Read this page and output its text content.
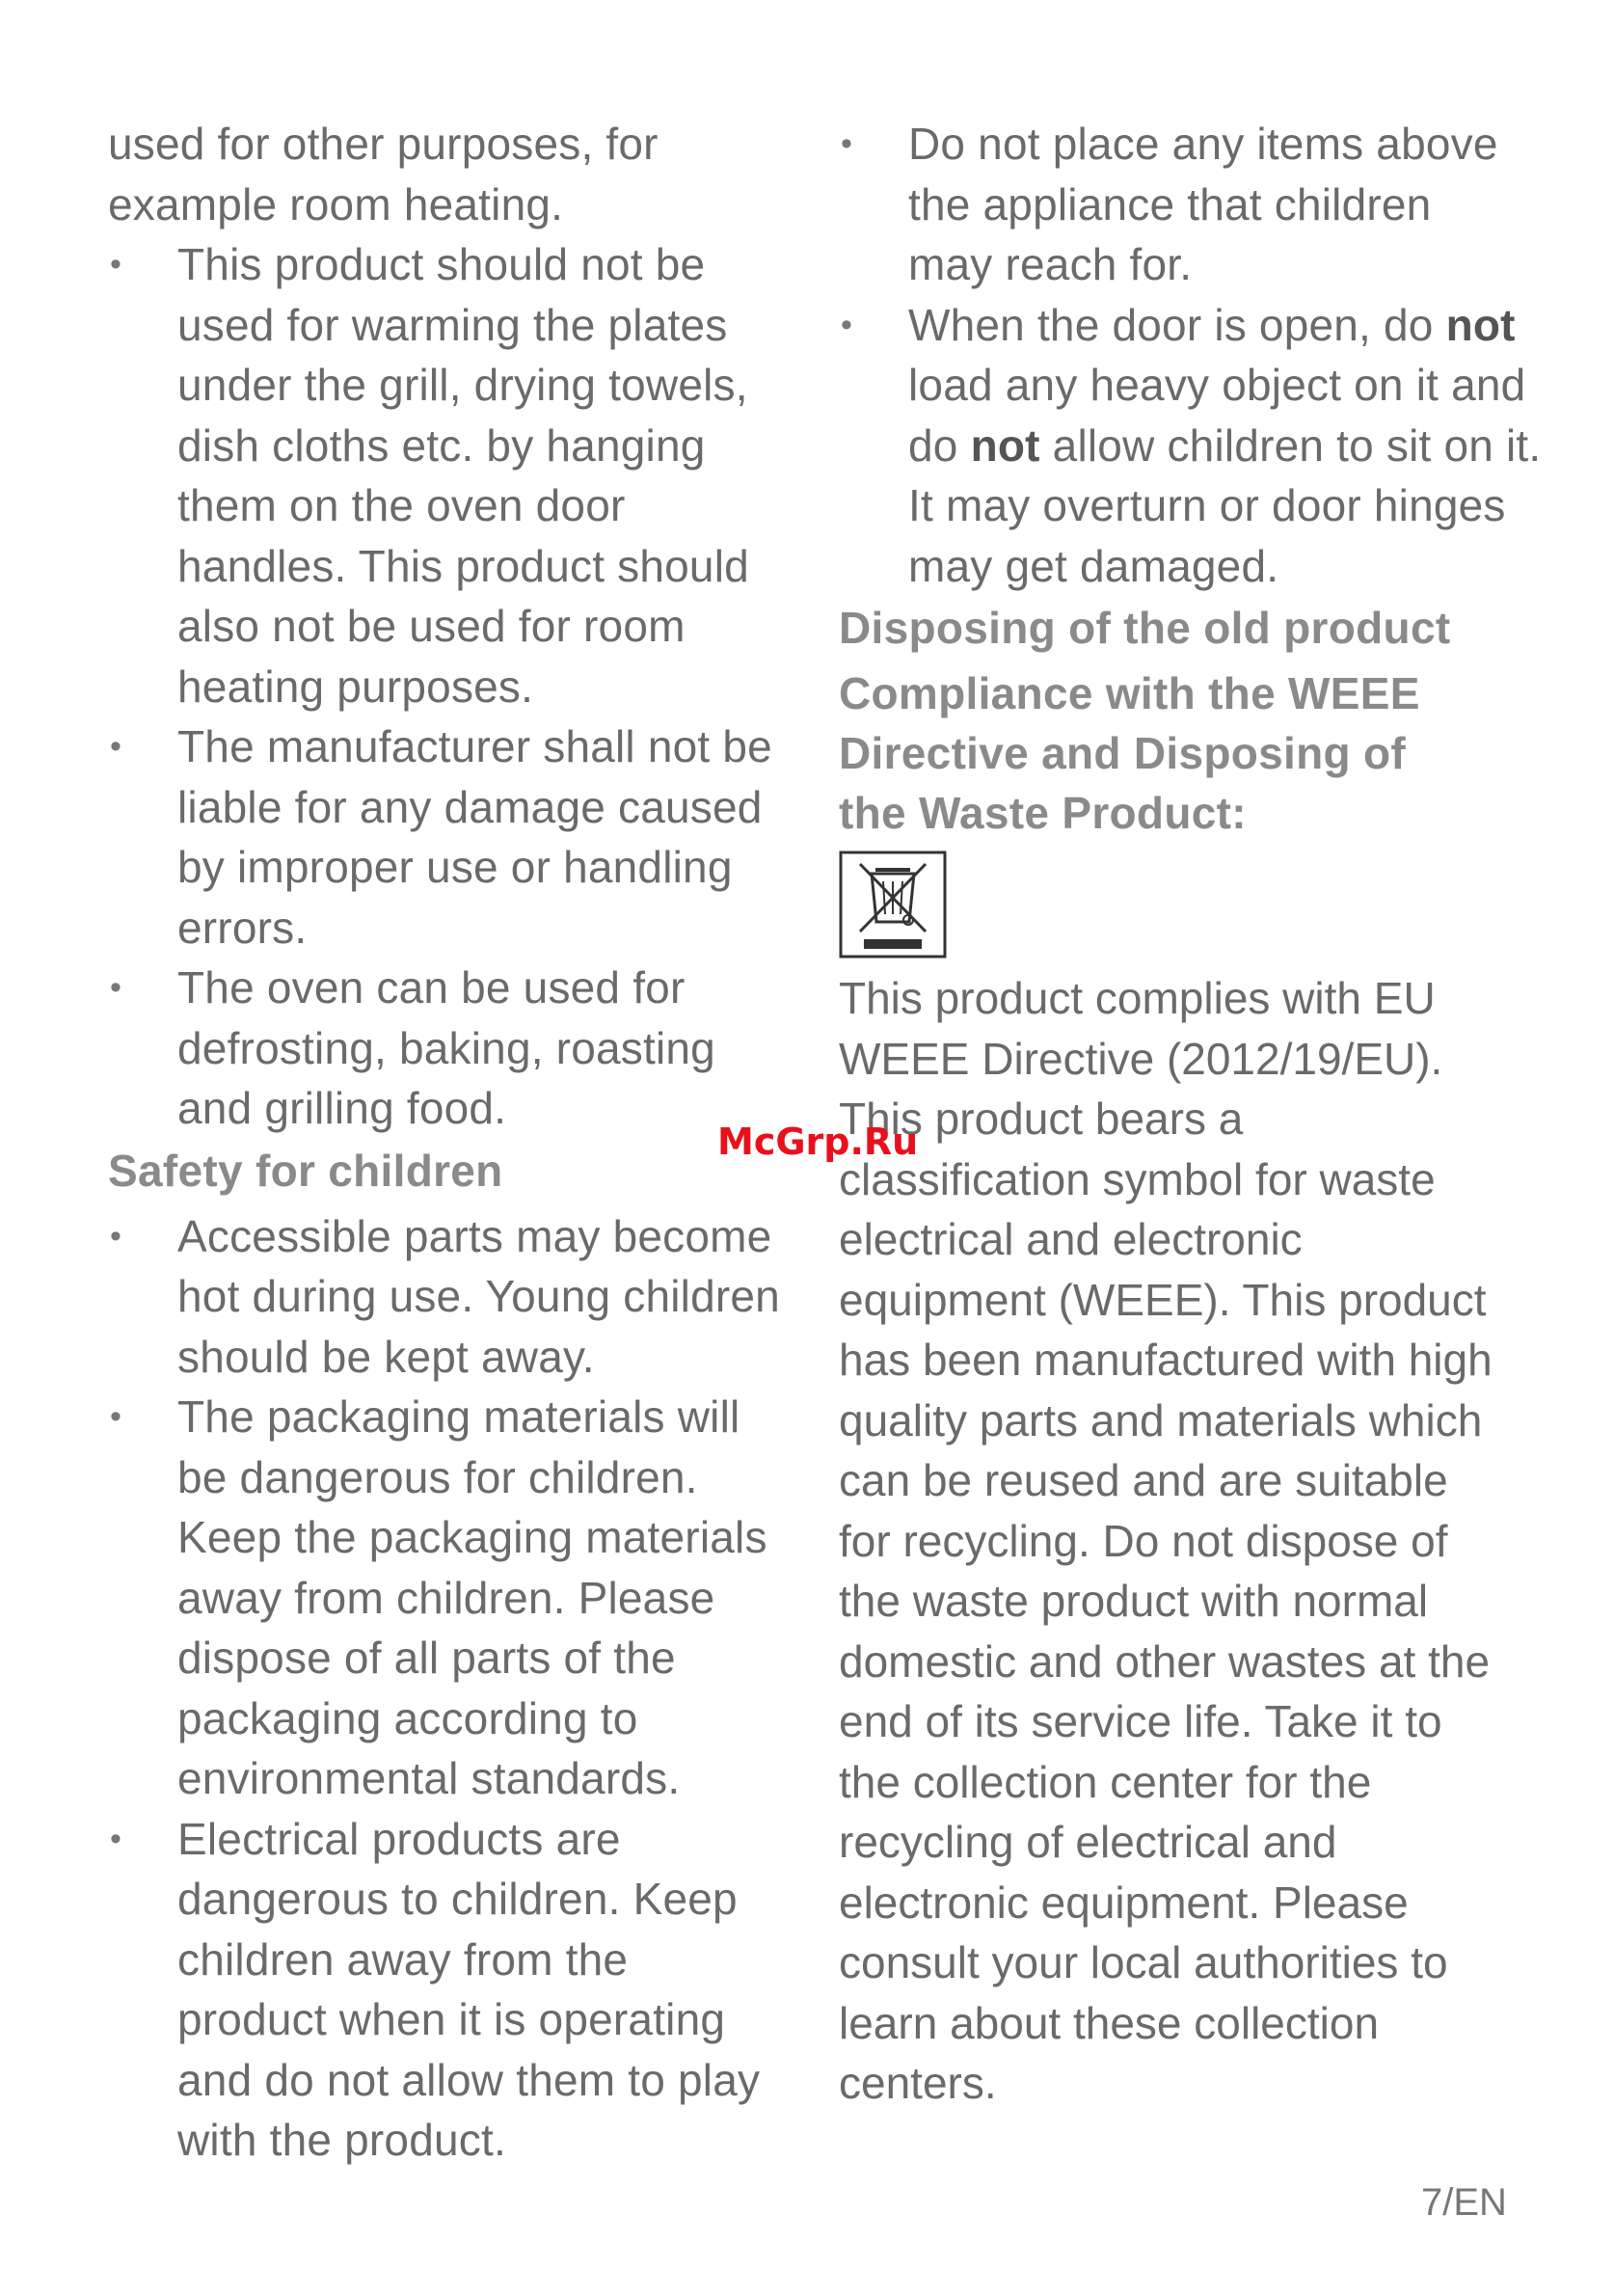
used for other purposes, for example room heating.

• This product should not be used for warming the plates under the grill, drying towels, dish cloths etc. by hanging them on the oven door handles. This product should also not be used for room heating purposes.

• The manufacturer shall not be liable for any damage caused by improper use or handling errors.

• The oven can be used for defrosting, baking, roasting and grilling food.

Safety for children
• Accessible parts may become hot during use. Young children should be kept away.

• The packaging materials will be dangerous for children. Keep the packaging materials away from children. Please dispose of all parts of the packaging according to environmental standards.

• Electrical products are dangerous to children. Keep children away from the product when it is operating and do not allow them to play with the product.

• Do not place any items above the appliance that children may reach for.

• When the door is open, do not load any heavy object on it and do not allow children to sit on it. It may overturn or door hinges may get damaged.

Disposing of the old product
Compliance with the WEEE Directive and Disposing of the Waste Product:

This product complies with EU WEEE Directive (2012/19/EU). This product bears a classification symbol for waste electrical and electronic equipment (WEEE). This product has been manufactured with high quality parts and materials which can be reused and are suitable for recycling. Do not dispose of the waste product with normal domestic and other wastes at the end of its service life. Take it to the collection center for the recycling of electrical and electronic equipment. Please consult your local authorities to learn about these collection centers.

McGrp.Ru
7/EN
